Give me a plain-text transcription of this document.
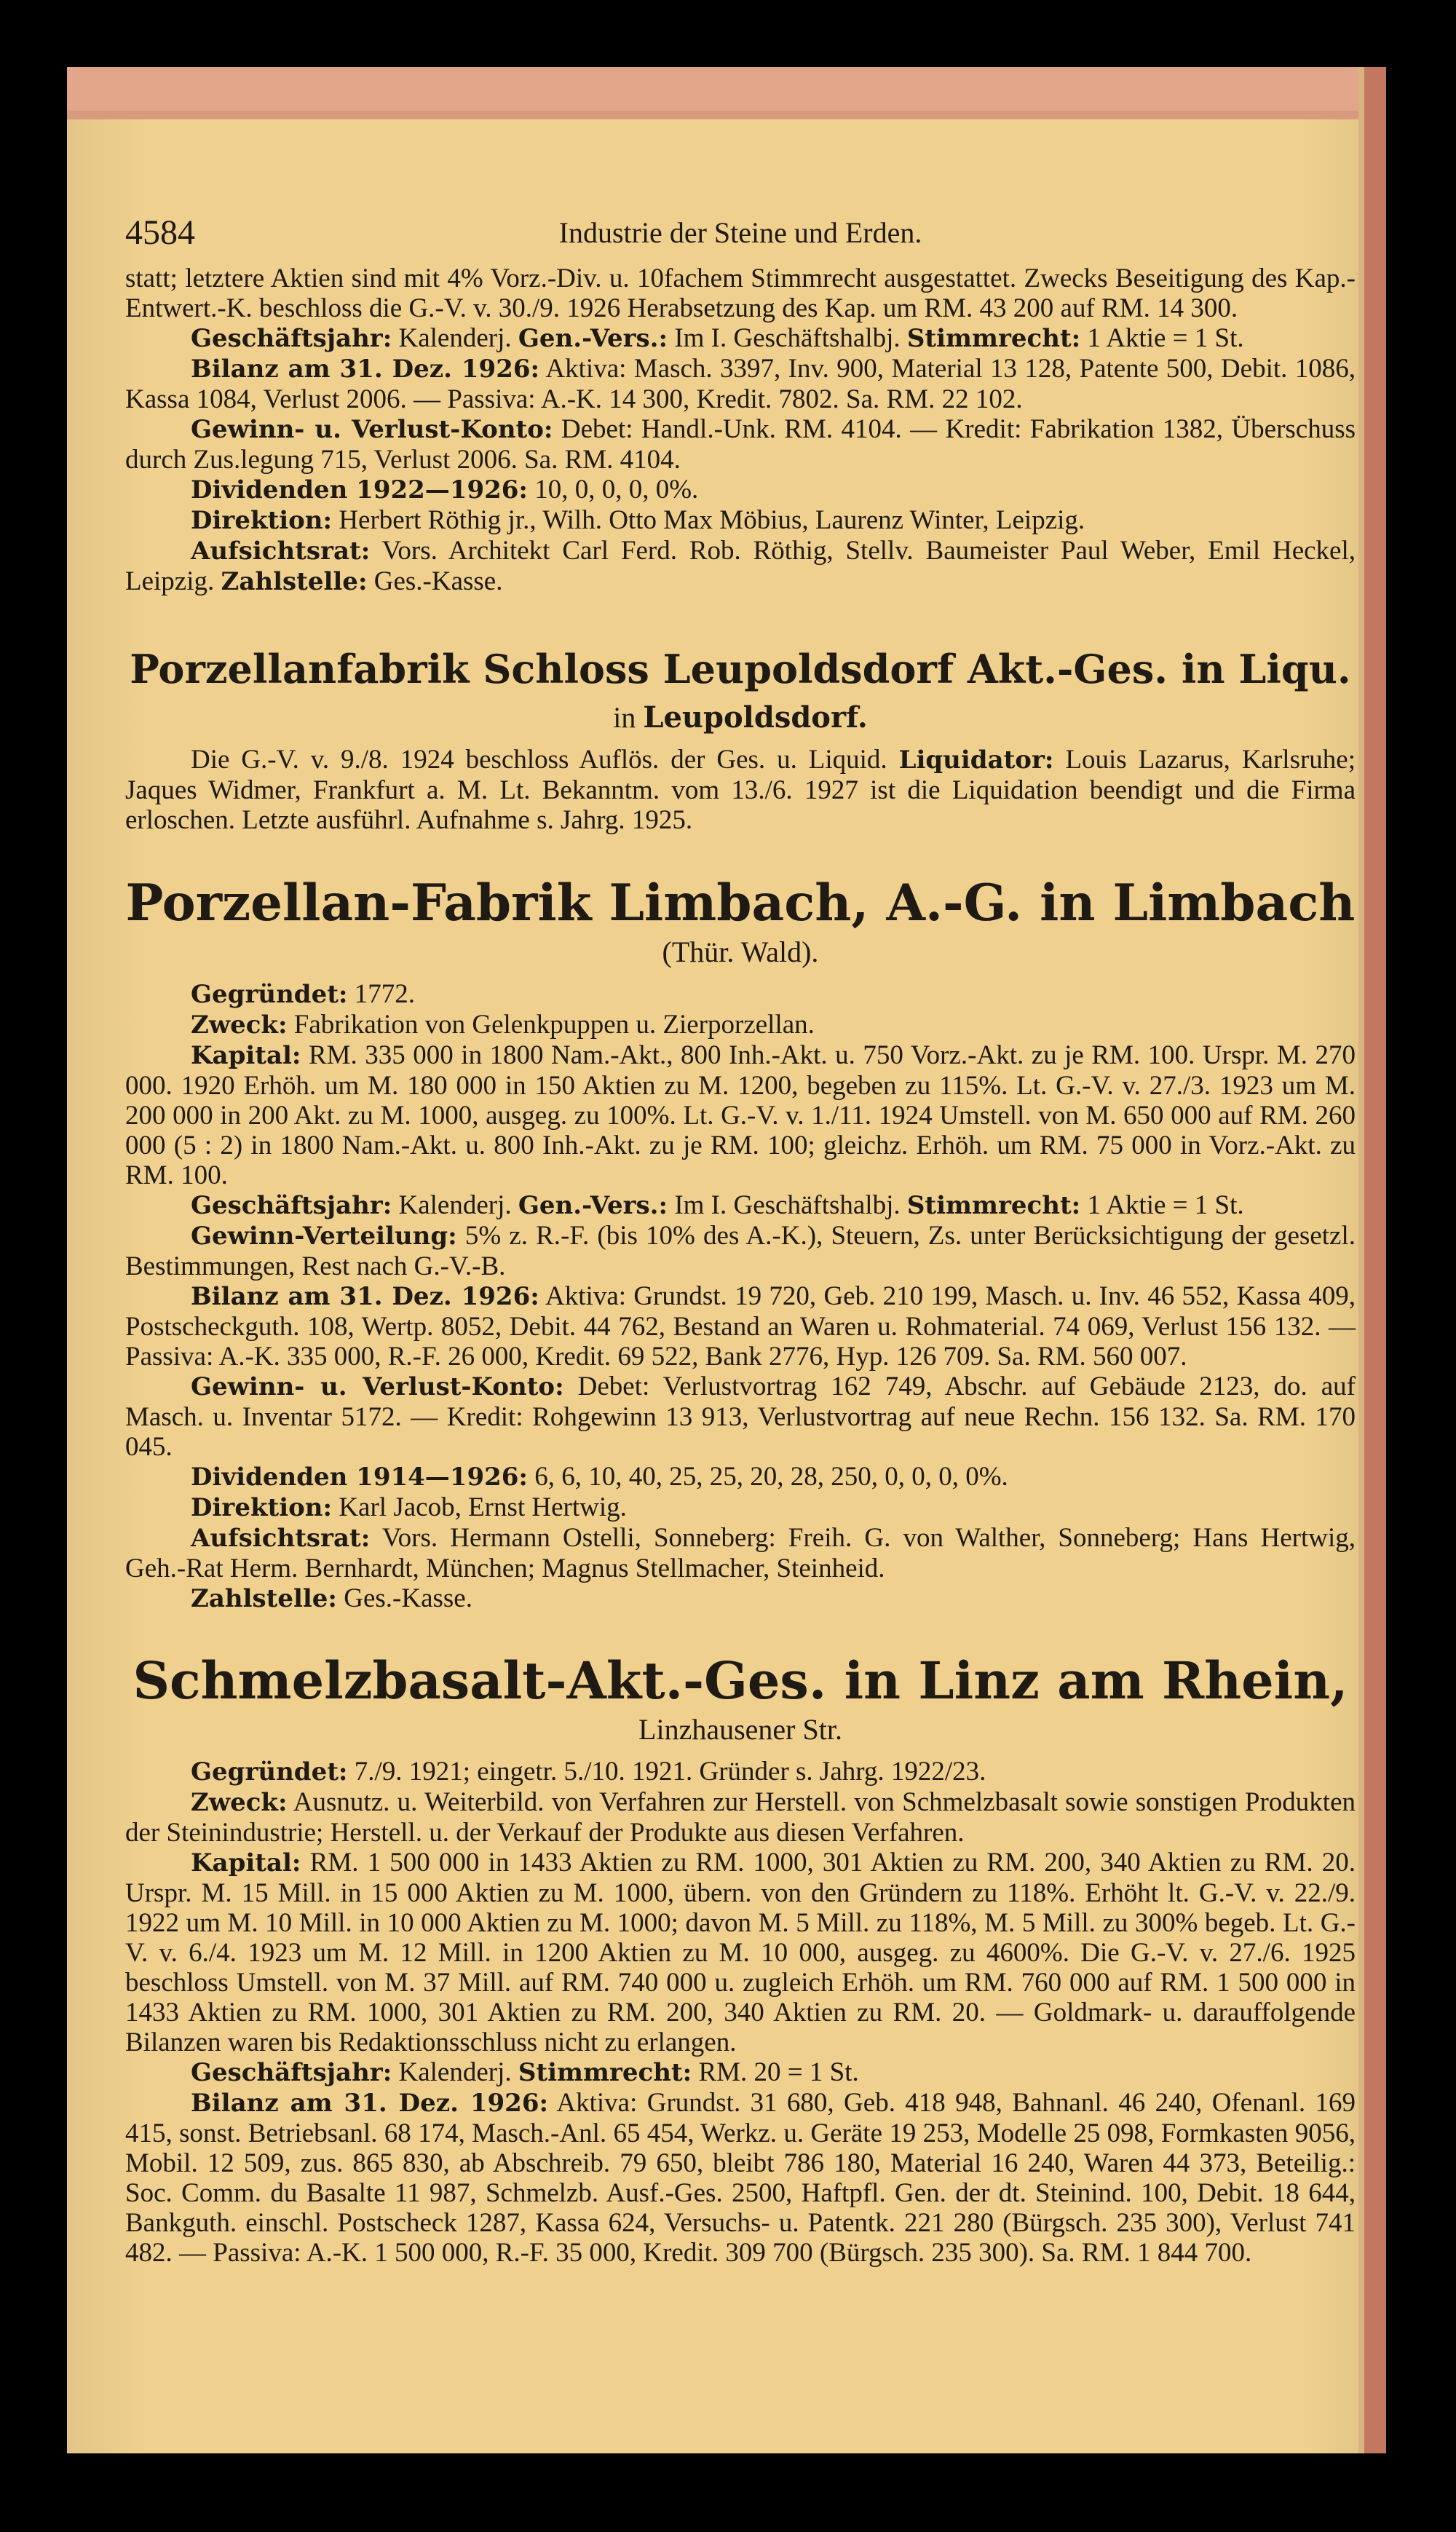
4584	Industrie der Steine und Erden.

statt; letztere Aktien sind mit 4% Vorz.-Div. u. 10fachem Stimmrecht ausgestattet. Zwecks Beseitigung des Kap.-Entwert.-K. beschloss die G.-V. v. 30./9. 1926 Herabsetzung des Kap. um RM. 43 200 auf RM. 14 300.

Geschäftsjahr: Kalenderj. Gen.-Vers.: Im I. Geschäftshalbj. Stimmrecht: 1 Aktie = 1 St.

Bilanz am 31. Dez. 1926: Aktiva: Masch. 3397, Inv. 900, Material 13 128, Patente 500, Debit. 1086, Kassa 1084, Verlust 2006. — Passiva: A.-K. 14 300, Kredit. 7802. Sa. RM. 22 102.

Gewinn- u. Verlust-Konto: Debet: Handl.-Unk. RM. 4104. — Kredit: Fabrikation 1382, Überschuss durch Zus.legung 715, Verlust 2006. Sa. RM. 4104.

Dividenden 1922—1926: 10, 0, 0, 0, 0%.

Direktion: Herbert Röthig jr., Wilh. Otto Max Möbius, Laurenz Winter, Leipzig.

Aufsichtsrat: Vors. Architekt Carl Ferd. Rob. Röthig, Stellv. Baumeister Paul Weber, Emil Heckel, Leipzig. Zahlstelle: Ges.-Kasse.

Porzellanfabrik Schloss Leupoldsdorf Akt.-Ges. in Liqu.

in Leupoldsdorf.

Die G.-V. v. 9./8. 1924 beschloss Auflös. der Ges. u. Liquid. Liquidator: Louis Lazarus, Karlsruhe; Jaques Widmer, Frankfurt a. M. Lt. Bekanntm. vom 13./6. 1927 ist die Liquidation beendigt und die Firma erloschen. Letzte ausführl. Aufnahme s. Jahrg. 1925.

Porzellan-Fabrik Limbach, A.-G. in Limbach

(Thür. Wald).

Gegründet: 1772.

Zweck: Fabrikation von Gelenkpuppen u. Zierporzellan.

Kapital: RM. 335 000 in 1800 Nam.-Akt., 800 Inh.-Akt. u. 750 Vorz.-Akt. zu je RM. 100. Urspr. M. 270 000. 1920 Erhöh. um M. 180 000 in 150 Aktien zu M. 1200, begeben zu 115%. Lt. G.-V. v. 27./3. 1923 um M. 200 000 in 200 Akt. zu M. 1000, ausgeg. zu 100%. Lt. G.-V. v. 1./11. 1924 Umstell. von M. 650 000 auf RM. 260 000 (5 : 2) in 1800 Nam.-Akt. u. 800 Inh.-Akt. zu je RM. 100; gleichz. Erhöh. um RM. 75 000 in Vorz.-Akt. zu RM. 100.

Geschäftsjahr: Kalenderj. Gen.-Vers.: Im I. Geschäftshalbj. Stimmrecht: 1 Aktie = 1 St.

Gewinn-Verteilung: 5% z. R.-F. (bis 10% des A.-K.), Steuern, Zs. unter Berücksichtigung der gesetzl. Bestimmungen, Rest nach G.-V.-B.

Bilanz am 31. Dez. 1926: Aktiva: Grundst. 19 720, Geb. 210 199, Masch. u. Inv. 46 552, Kassa 409, Postscheckguth. 108, Wertp. 8052, Debit. 44 762, Bestand an Waren u. Rohmaterial. 74 069, Verlust 156 132. — Passiva: A.-K. 335 000, R.-F. 26 000, Kredit. 69 522, Bank 2776, Hyp. 126 709. Sa. RM. 560 007.

Gewinn- u. Verlust-Konto: Debet: Verlustvortrag 162 749, Abschr. auf Gebäude 2123, do. auf Masch. u. Inventar 5172. — Kredit: Rohgewinn 13 913, Verlustvortrag auf neue Rechn. 156 132. Sa. RM. 170 045.

Dividenden 1914—1926: 6, 6, 10, 40, 25, 25, 20, 28, 250, 0, 0, 0, 0%.

Direktion: Karl Jacob, Ernst Hertwig.

Aufsichtsrat: Vors. Hermann Ostelli, Sonneberg: Freih. G. von Walther, Sonneberg; Hans Hertwig, Geh.-Rat Herm. Bernhardt, München; Magnus Stellmacher, Steinheid.

Zahlstelle: Ges.-Kasse.

Schmelzbasalt-Akt.-Ges. in Linz am Rhein,

Linzhausener Str.

Gegründet: 7./9. 1921; eingetr. 5./10. 1921. Gründer s. Jahrg. 1922/23.

Zweck: Ausnutz. u. Weiterbild. von Verfahren zur Herstell. von Schmelzbasalt sowie sonstigen Produkten der Steinindustrie; Herstell. u. der Verkauf der Produkte aus diesen Verfahren.

Kapital: RM. 1 500 000 in 1433 Aktien zu RM. 1000, 301 Aktien zu RM. 200, 340 Aktien zu RM. 20. Urspr. M. 15 Mill. in 15 000 Aktien zu M. 1000, übern. von den Gründern zu 118%. Erhöht lt. G.-V. v. 22./9. 1922 um M. 10 Mill. in 10 000 Aktien zu M. 1000; davon M. 5 Mill. zu 118%, M. 5 Mill. zu 300% begeb. Lt. G.-V. v. 6./4. 1923 um M. 12 Mill. in 1200 Aktien zu M. 10 000, ausgeg. zu 4600%. Die G.-V. v. 27./6. 1925 beschloss Umstell. von M. 37 Mill. auf RM. 740 000 u. zugleich Erhöh. um RM. 760 000 auf RM. 1 500 000 in 1433 Aktien zu RM. 1000, 301 Aktien zu RM. 200, 340 Aktien zu RM. 20. — Goldmark- u. darauffolgende Bilanzen waren bis Redaktionsschluss nicht zu erlangen.

Geschäftsjahr: Kalenderj. Stimmrecht: RM. 20 = 1 St.

Bilanz am 31. Dez. 1926: Aktiva: Grundst. 31 680, Geb. 418 948, Bahnanl. 46 240, Ofenanl. 169 415, sonst. Betriebsanl. 68 174, Masch.-Anl. 65 454, Werkz. u. Geräte 19 253, Modelle 25 098, Formkasten 9056, Mobil. 12 509, zus. 865 830, ab Abschreib. 79 650, bleibt 786 180, Material 16 240, Waren 44 373, Beteilig.: Soc. Comm. du Basalte 11 987, Schmelzb. Ausf.-Ges. 2500, Haftpfl. Gen. der dt. Steinind. 100, Debit. 18 644, Bankguth. einschl. Postscheck 1287, Kassa 624, Versuchs- u. Patentk. 221 280 (Bürgsch. 235 300), Verlust 741 482. — Passiva: A.-K. 1 500 000, R.-F. 35 000, Kredit. 309 700 (Bürgsch. 235 300). Sa. RM. 1 844 700.
